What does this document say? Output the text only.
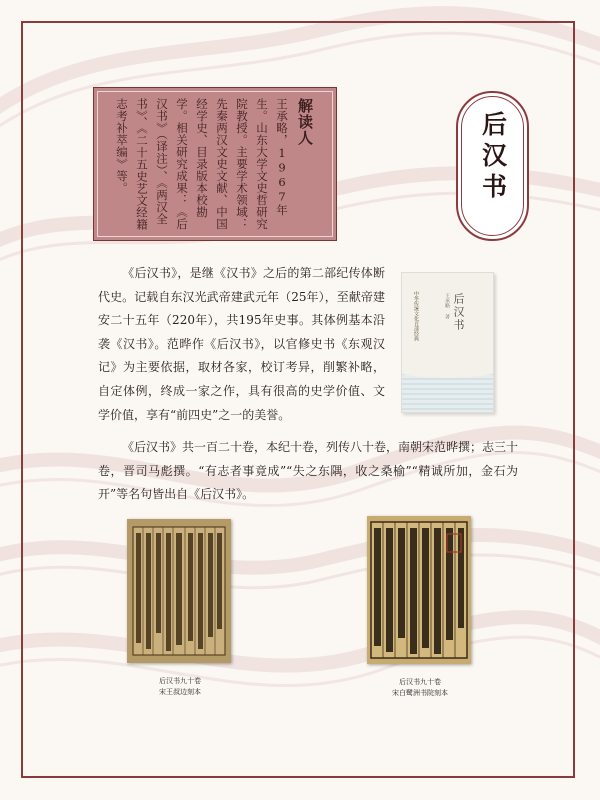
解读人
王承略，1967年生。山东大学文史哲研究院教授。主要学术领域：先秦两汉文史文献、中国经学史、目录版本校勘学。相关研究成果：《后汉书》（译注）、《两汉全书》、《二十五史艺文经籍志考补萃编》等。	后汉书
《后汉书》，是继《汉书》之后的第二部纪传体断代史。记载自东汉光武帝建武元年（25年），至献帝建安二十五年（220年），共195年史事。其体例基本沿袭《汉书》。范晔作《后汉书》，以官修史书《东观汉记》为主要依据，取材各家，校订考异，削繁补略，自定体例，终成一家之作，具有很高的史学价值、文学价值，享有“前四史”之一的美誉。
中华传统文化百部经典	王承略 著 后汉书
《后汉书》共一百二十卷，本纪十卷，列传八十卷，南朝宋范晔撰；志三十卷，晋司马彪撰。“有志者事竟成”“失之东隅，收之桑榆”“精诚所加，金石为开”等名句皆出自《后汉书》。
后汉书九十卷
宋王叔边刻本
后汉书九十卷
宋白鹭洲书院刻本
